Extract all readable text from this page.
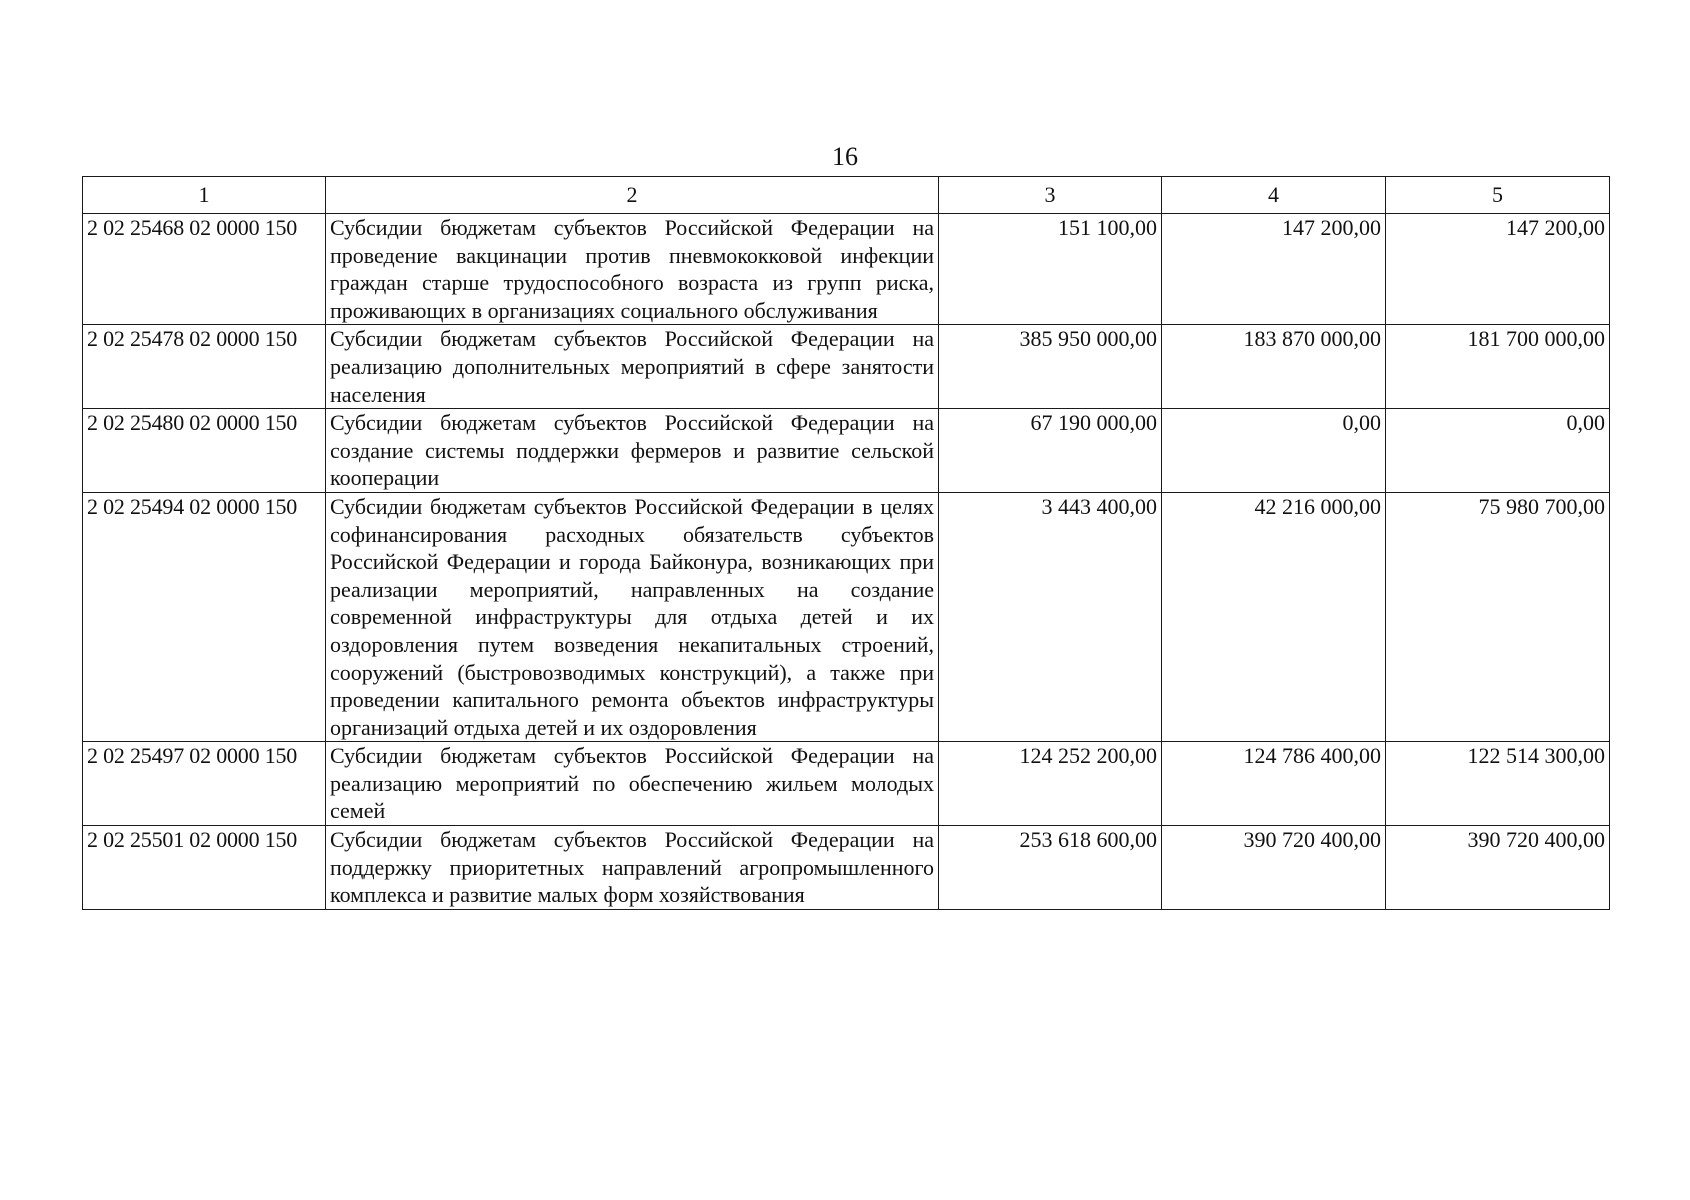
16
1	2	3	4	5
2 02 25468 02 0000 150	Субсидии бюджетам субъектов Российской Федерации на проведение вакцинации против пневмококковой инфекции граждан старше трудоспособного возраста из групп риска, проживающих в организациях социального обслуживания	151 100,00	147 200,00	147 200,00
2 02 25478 02 0000 150	Субсидии бюджетам субъектов Российской Федерации на реализацию дополнительных мероприятий в сфере занятости населения	385 950 000,00	183 870 000,00	181 700 000,00
2 02 25480 02 0000 150	Субсидии бюджетам субъектов Российской Федерации на создание системы поддержки фермеров и развитие сельской кооперации	67 190 000,00	0,00	0,00
2 02 25494 02 0000 150	Субсидии бюджетам субъектов Российской Федерации в целях софинансирования расходных обязательств субъектов Российской Федерации и города Байконура, возникающих при реализации мероприятий, направленных на создание современной инфраструктуры для отдыха детей и их оздоровления путем возведения некапитальных строений, сооружений (быстровозводимых конструкций), а также при проведении капитального ремонта объектов инфраструктуры организаций отдыха детей и их оздоровления	3 443 400,00	42 216 000,00	75 980 700,00
2 02 25497 02 0000 150	Субсидии бюджетам субъектов Российской Федерации на реализацию мероприятий по обеспечению жильем молодых семей	124 252 200,00	124 786 400,00	122 514 300,00
2 02 25501 02 0000 150	Субсидии бюджетам субъектов Российской Федерации на поддержку приоритетных направлений агропромышленного комплекса и развитие малых форм хозяйствования	253 618 600,00	390 720 400,00	390 720 400,00
